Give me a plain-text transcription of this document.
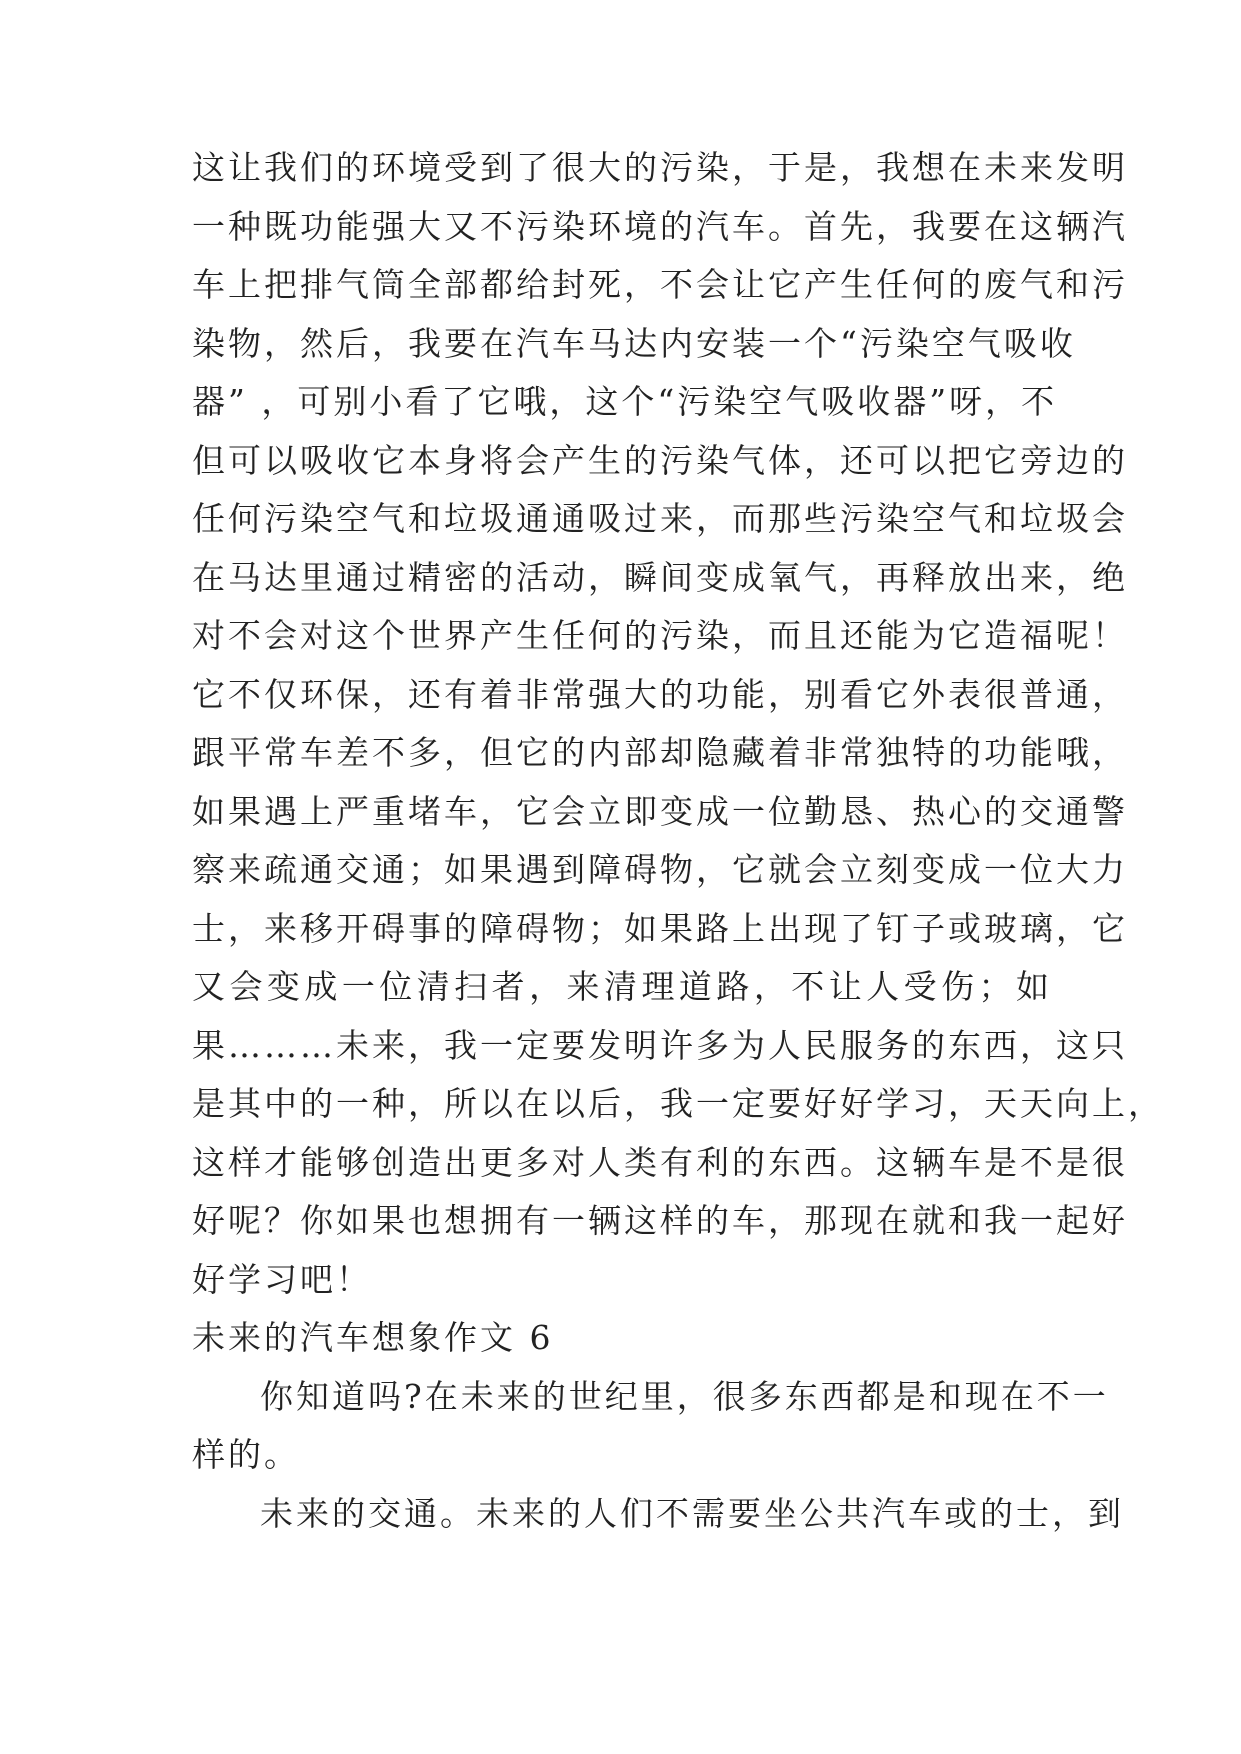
这让我们的环境受到了很大的污染，于是，我想在未来发明
一种既功能强大又不污染环境的汽车。首先，我要在这辆汽
车上把排气筒全部都给封死，不会让它产生任何的废气和污
染物，然后，我要在汽车马达内安装一个“污染空气吸收
器” ，可别小看了它哦，这个“污染空气吸收器”呀，不
但可以吸收它本身将会产生的污染气体，还可以把它旁边的
任何污染空气和垃圾通通吸过来，而那些污染空气和垃圾会
在马达里通过精密的活动，瞬间变成氧气，再释放出来，绝
对不会对这个世界产生任何的污染，而且还能为它造福呢！
它不仅环保，还有着非常强大的功能，别看它外表很普通，
跟平常车差不多，但它的内部却隐藏着非常独特的功能哦，
如果遇上严重堵车，它会立即变成一位勤恳、热心的交通警
察来疏通交通；如果遇到障碍物，它就会立刻变成一位大力
士，来移开碍事的障碍物；如果路上出现了钉子或玻璃，它
又会变成一位清扫者，来清理道路，不让人受伤；如
果………未来，我一定要发明许多为人民服务的东西，这只
是其中的一种，所以在以后，我一定要好好学习，天天向上，
这样才能够创造出更多对人类有利的东西。这辆车是不是很
好呢？你如果也想拥有一辆这样的车，那现在就和我一起好
好学习吧！
未来的汽车想象作文 6
你知道吗?在未来的世纪里，很多东西都是和现在不一
样的。
未来的交通。未来的人们不需要坐公共汽车或的士，到
